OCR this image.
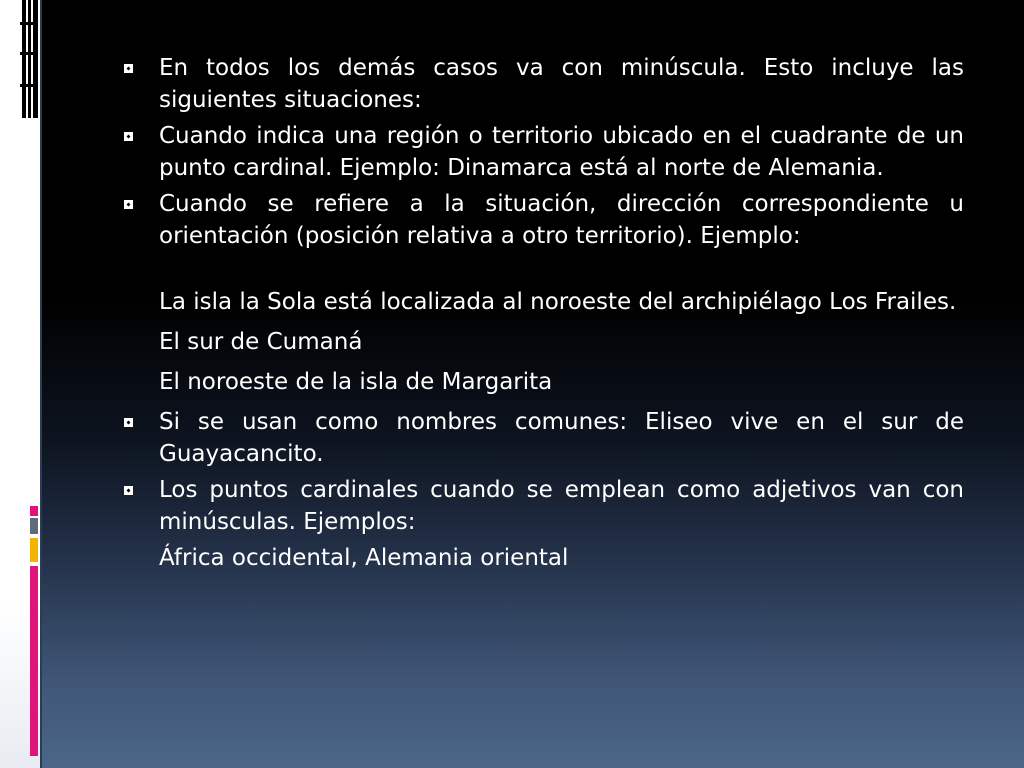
En todos los demás casos va con minúscula. Esto incluye las siguientes situaciones:
Cuando indica una región o territorio ubicado en el cuadrante de un punto cardinal. Ejemplo: Dinamarca está al norte de Alemania.
Cuando se refiere a la situación, dirección correspondiente u orientación (posición relativa a otro territorio). Ejemplo:
La isla la Sola está localizada al noroeste del archipiélago Los Frailes.
El sur de Cumaná
El noroeste de la isla de Margarita
Si se usan como nombres comunes: Eliseo vive en el sur de Guayacancito.
Los puntos cardinales cuando se emplean como adjetivos van con minúsculas. Ejemplos:
África occidental, Alemania oriental
